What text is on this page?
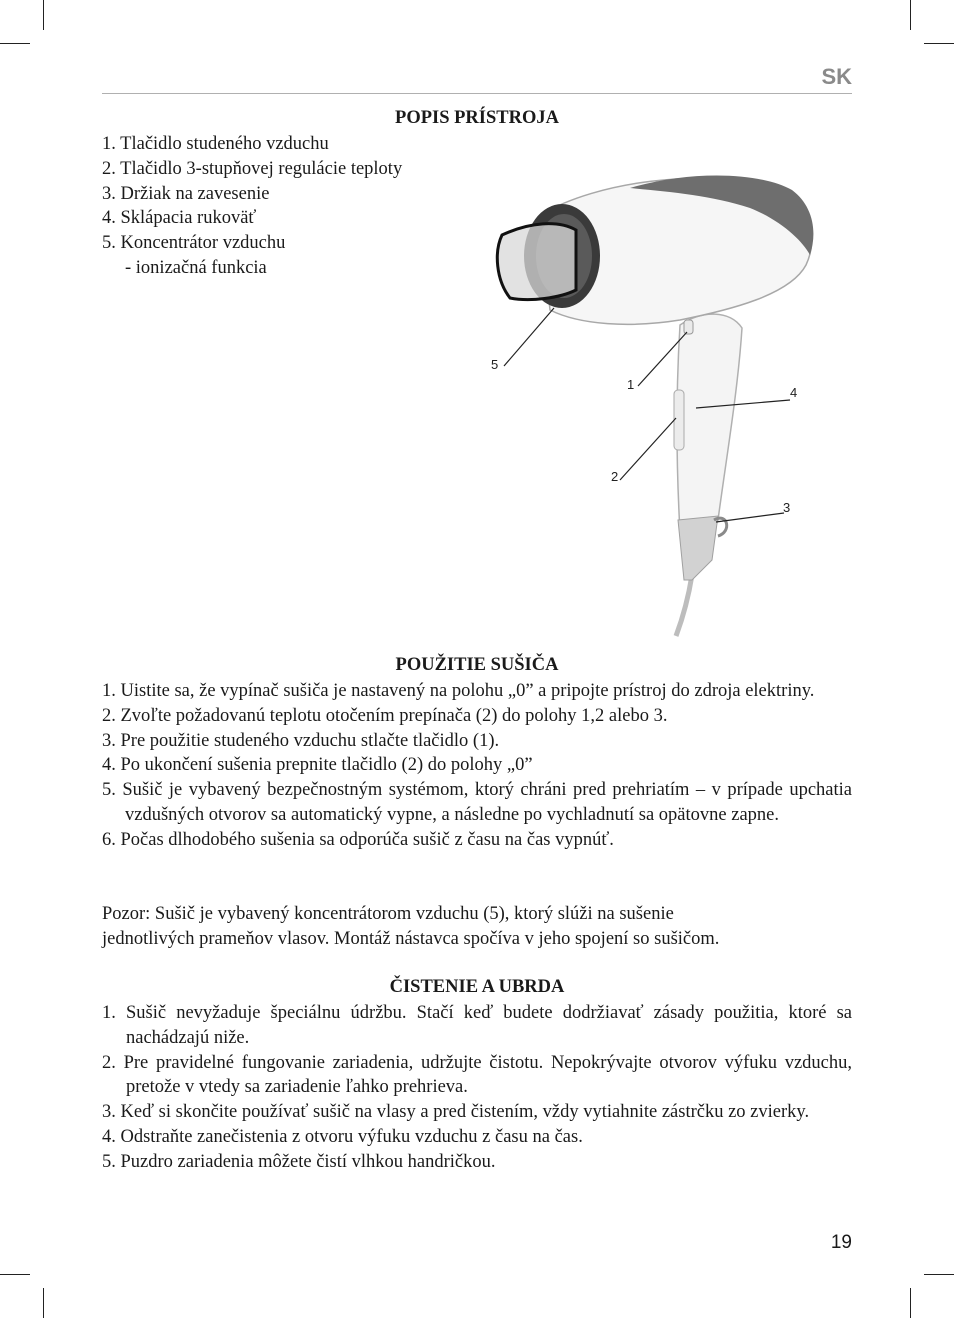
SK
POPIS PRÍSTROJA
1. Tlačidlo studeného vzduchu
2. Tlačidlo 3-stupňovej regulácie teploty
3. Držiak na zavesenie
4. Sklápacia rukoväť
5. Koncentrátor vzduchu
- ionizačná funkcia
5
1
4
2
3
POUŽITIE SUŠIČA
1. Uistite sa, že vypínač sušiča je nastavený na polohu „0” a pripojte prístroj do zdroja elektriny.
2. Zvoľte požadovanú teplotu otočením prepínača (2) do polohy 1,2 alebo 3.
3. Pre použitie studeného vzduchu stlačte tlačidlo (1).
4. Po ukončení sušenia prepnite tlačidlo (2) do polohy „0”
5. Sušič je vybavený bezpečnostným systémom, ktorý chráni pred prehriatím – v prípade upchatia vzdušných otvorov sa automatický vypne, a následne po vychladnutí sa opätovne zapne.
6. Počas dlhodobého sušenia sa odporúča sušič z času na čas vypnúť.
Pozor: Sušič je vybavený koncentrátorom vzduchu (5), ktorý slúži na sušenie
jednotlivých prameňov vlasov. Montáž nástavca spočíva v jeho spojení so sušičom.
ČISTENIE A UBRDA
1. Sušič nevyžaduje špeciálnu údržbu. Stačí keď budete dodržiavať zásady použitia, ktoré sa nachádzajú niže.
2. Pre pravidelné fungovanie zariadenia, udržujte čistotu. Nepokrývajte otvorov výfuku vzduchu, pretože v vtedy sa zariadenie ľahko prehrieva.
3. Keď si skončite používať sušič na vlasy a pred čistením, vždy vytiahnite zástrčku zo zvierky.
4. Odstraňte zanečistenia z otvoru výfuku vzduchu z času na čas.
5. Puzdro zariadenia môžete čistí vlhkou handričkou.
19
